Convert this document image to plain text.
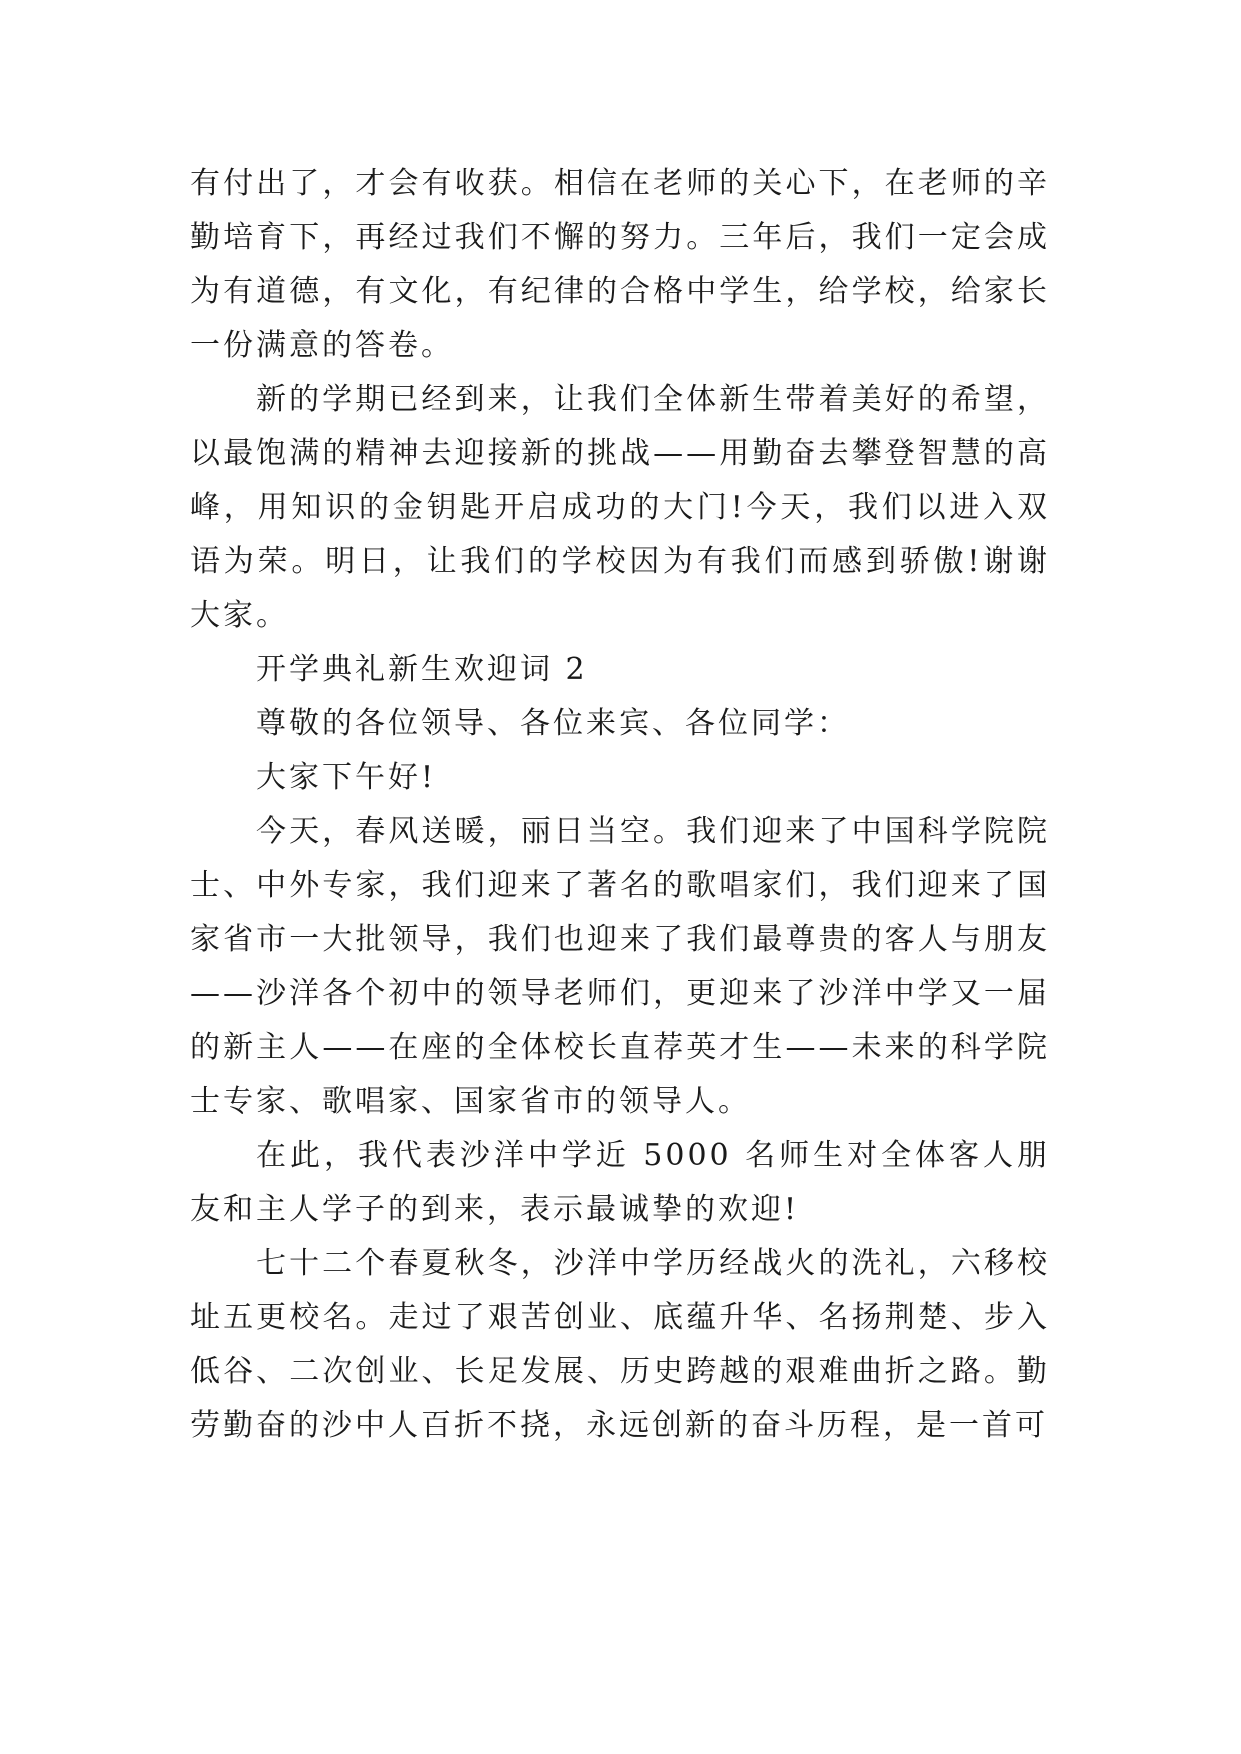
有付出了，才会有收获。相信在老师的关心下，在老师的辛勤培育下，再经过我们不懈的努力。三年后，我们一定会成为有道德，有文化，有纪律的合格中学生，给学校，给家长一份满意的答卷。

新的学期已经到来，让我们全体新生带着美好的希望，以最饱满的精神去迎接新的挑战——用勤奋去攀登智慧的高峰，用知识的金钥匙开启成功的大门!今天，我们以进入双语为荣。明日，让我们的学校因为有我们而感到骄傲!谢谢大家。

开学典礼新生欢迎词 2

尊敬的各位领导、各位来宾、各位同学：

大家下午好!

今天，春风送暖，丽日当空。我们迎来了中国科学院院士、中外专家，我们迎来了著名的歌唱家们，我们迎来了国家省市一大批领导，我们也迎来了我们最尊贵的客人与朋友——沙洋各个初中的领导老师们，更迎来了沙洋中学又一届的新主人——在座的全体校长直荐英才生——未来的科学院士专家、歌唱家、国家省市的领导人。

在此，我代表沙洋中学近 5000 名师生对全体客人朋友和主人学子的到来，表示最诚挚的欢迎!

七十二个春夏秋冬，沙洋中学历经战火的洗礼，六移校址五更校名。走过了艰苦创业、底蕴升华、名扬荆楚、步入低谷、二次创业、长足发展、历史跨越的艰难曲折之路。勤劳勤奋的沙中人百折不挠，永远创新的奋斗历程，是一首可
